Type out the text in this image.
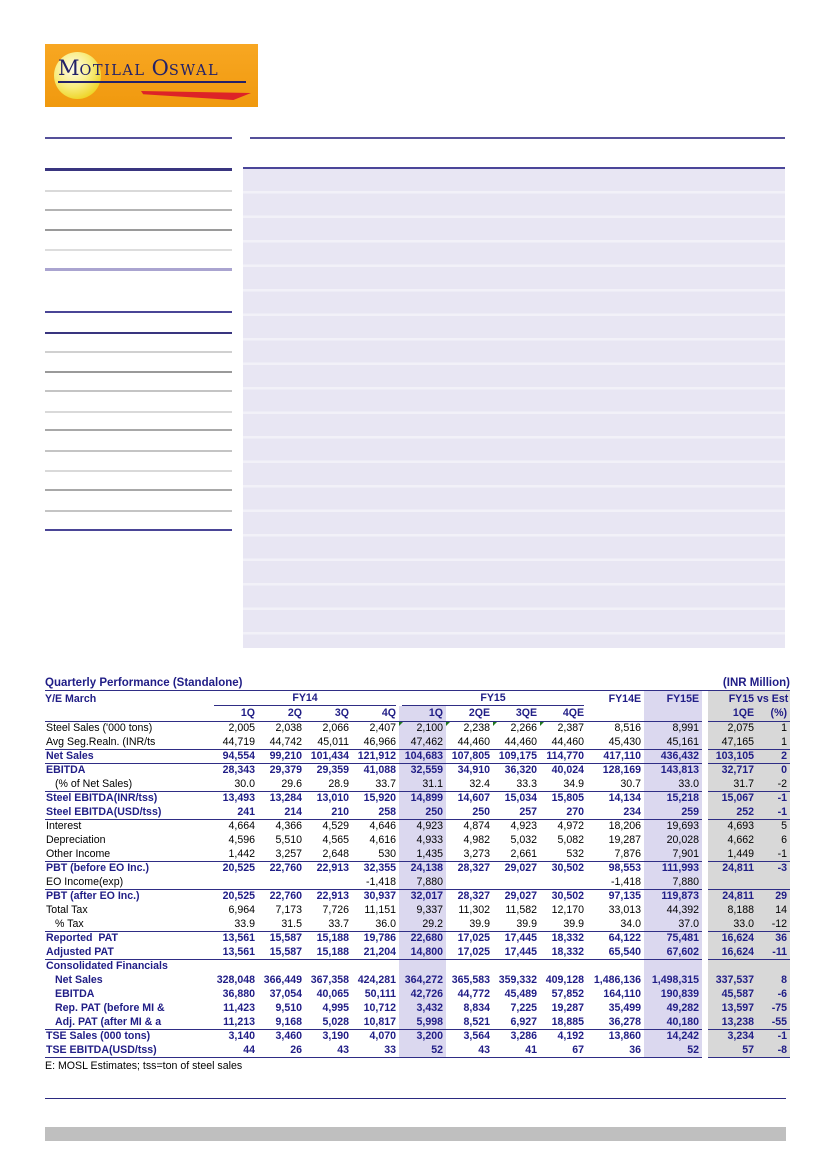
MOTILAL OSWAL
Quarterly Performance (Standalone)	(INR Million)
Y/E March	FY14				FY15				FY14E	FY15E		FY15	vs Est
	1Q	2Q	3Q	4Q	1Q	2QE	3QE	4QE				1QE	(%)
Steel Sales ('000 tons)	2,005	2,038	2,066	2,407	2,100	2,238	2,266	2,387	8,516	8,991		2,075	1
Avg Seg.Realn. (INR/ts	44,719	44,742	45,011	46,966	47,462	44,460	44,460	44,460	45,430	45,161		47,165	1
Net Sales	94,554	99,210	101,434	121,912	104,683	107,805	109,175	114,770	417,110	436,432		103,105	2
EBITDA	28,343	29,379	29,359	41,088	32,559	34,910	36,320	40,024	128,169	143,813		32,717	0
(% of Net Sales)	30.0	29.6	28.9	33.7	31.1	32.4	33.3	34.9	30.7	33.0		31.7	-2
Steel EBITDA(INR/tss)	13,493	13,284	13,010	15,920	14,899	14,607	15,034	15,805	14,134	15,218		15,067	-1
Steel EBITDA(USD/tss)	241	214	210	258	250	250	257	270	234	259		252	-1
Interest	4,664	4,366	4,529	4,646	4,923	4,874	4,923	4,972	18,206	19,693		4,693	5
Depreciation	4,596	5,510	4,565	4,616	4,933	4,982	5,032	5,082	19,287	20,028		4,662	6
Other Income	1,442	3,257	2,648	530	1,435	3,273	2,661	532	7,876	7,901		1,449	-1
PBT (before EO Inc.)	20,525	22,760	22,913	32,355	24,138	28,327	29,027	30,502	98,553	111,993		24,811	-3
EO Income(exp)				-1,418	7,880				-1,418	7,880			
PBT (after EO Inc.)	20,525	22,760	22,913	30,937	32,017	28,327	29,027	30,502	97,135	119,873		24,811	29
Total Tax	6,964	7,173	7,726	11,151	9,337	11,302	11,582	12,170	33,013	44,392		8,188	14
% Tax	33.9	31.5	33.7	36.0	29.2	39.9	39.9	39.9	34.0	37.0		33.0	-12
Reported  PAT	13,561	15,587	15,188	19,786	22,680	17,025	17,445	18,332	64,122	75,481		16,624	36
Adjusted PAT	13,561	15,587	15,188	21,204	14,800	17,025	17,445	18,332	65,540	67,602		16,624	-11
Consolidated Financials													
Net Sales	328,048	366,449	367,358	424,281	364,272	365,583	359,332	409,128	1,486,136	1,498,315		337,537	8
EBITDA	36,880	37,054	40,065	50,111	42,726	44,772	45,489	57,852	164,110	190,839		45,587	-6
Rep. PAT (before MI &	11,423	9,510	4,995	10,712	3,432	8,834	7,225	19,287	35,499	49,282		13,597	-75
Adj. PAT (after MI & a	11,213	9,168	5,028	10,817	5,998	8,521	6,927	18,885	36,278	40,180		13,238	-55
TSE Sales (000 tons)	3,140	3,460	3,190	4,070	3,200	3,564	3,286	4,192	13,860	14,242		3,234	-1
TSE EBITDA(USD/tss)	44	26	43	33	52	43	41	67	36	52		57	-8
E: MOSL Estimates; tss=ton of steel sales
